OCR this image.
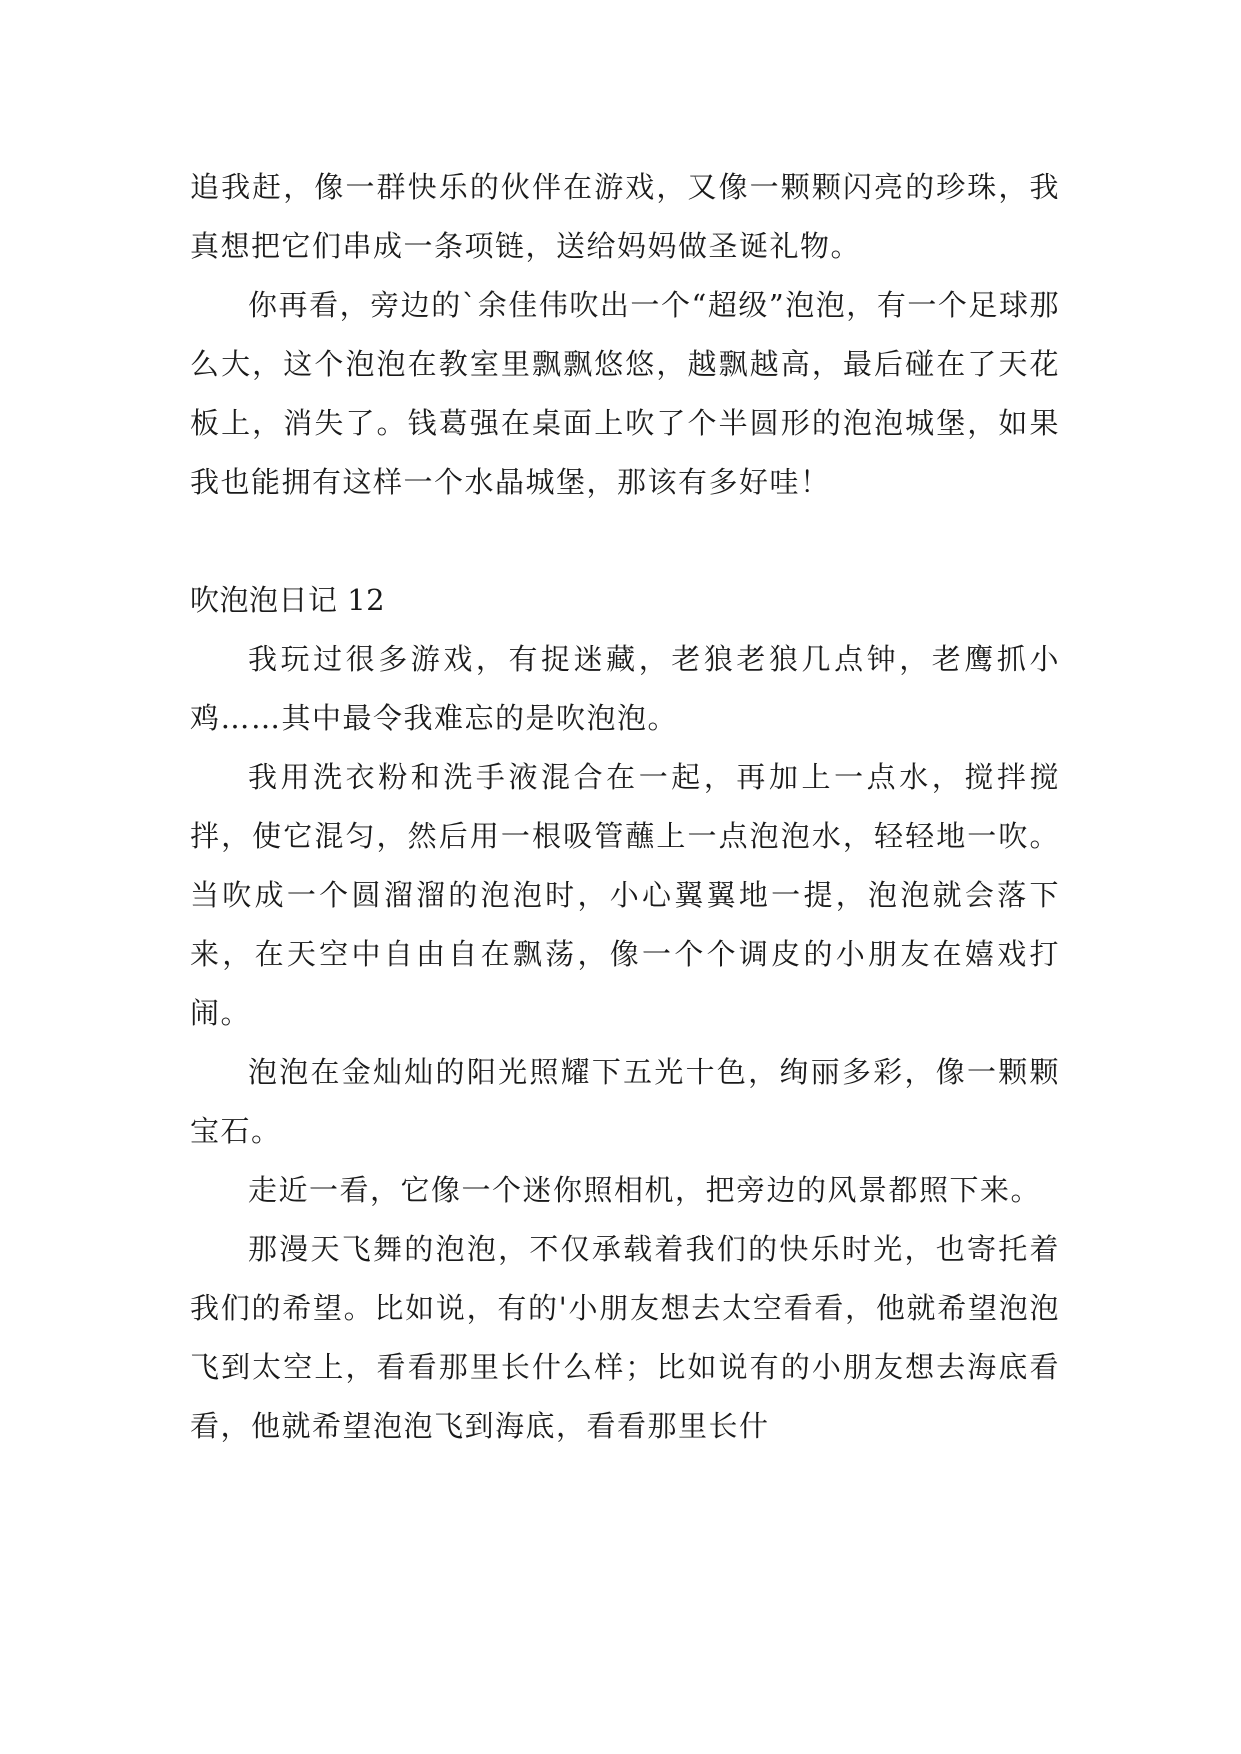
追我赶，像一群快乐的伙伴在游戏，又像一颗颗闪亮的珍珠，我真想把它们串成一条项链，送给妈妈做圣诞礼物。

你再看，旁边的`余佳伟吹出一个“超级”泡泡，有一个足球那么大，这个泡泡在教室里飘飘悠悠，越飘越高，最后碰在了天花板上，消失了。钱葛强在桌面上吹了个半圆形的泡泡城堡，如果我也能拥有这样一个水晶城堡，那该有多好哇！

吹泡泡日记 12

我玩过很多游戏，有捉迷藏，老狼老狼几点钟，老鹰抓小鸡……其中最令我难忘的是吹泡泡。

我用洗衣粉和洗手液混合在一起，再加上一点水，搅拌搅拌，使它混匀，然后用一根吸管蘸上一点泡泡水，轻轻地一吹。当吹成一个圆溜溜的泡泡时，小心翼翼地一提，泡泡就会落下来，在天空中自由自在飘荡，像一个个调皮的小朋友在嬉戏打闹。

泡泡在金灿灿的阳光照耀下五光十色，绚丽多彩，像一颗颗宝石。

走近一看，它像一个迷你照相机，把旁边的风景都照下来。

那漫天飞舞的泡泡，不仅承载着我们的快乐时光，也寄托着我们的希望。比如说，有的'小朋友想去太空看看，他就希望泡泡飞到太空上，看看那里长什么样；比如说有的小朋友想去海底看看，他就希望泡泡飞到海底，看看那里长什
